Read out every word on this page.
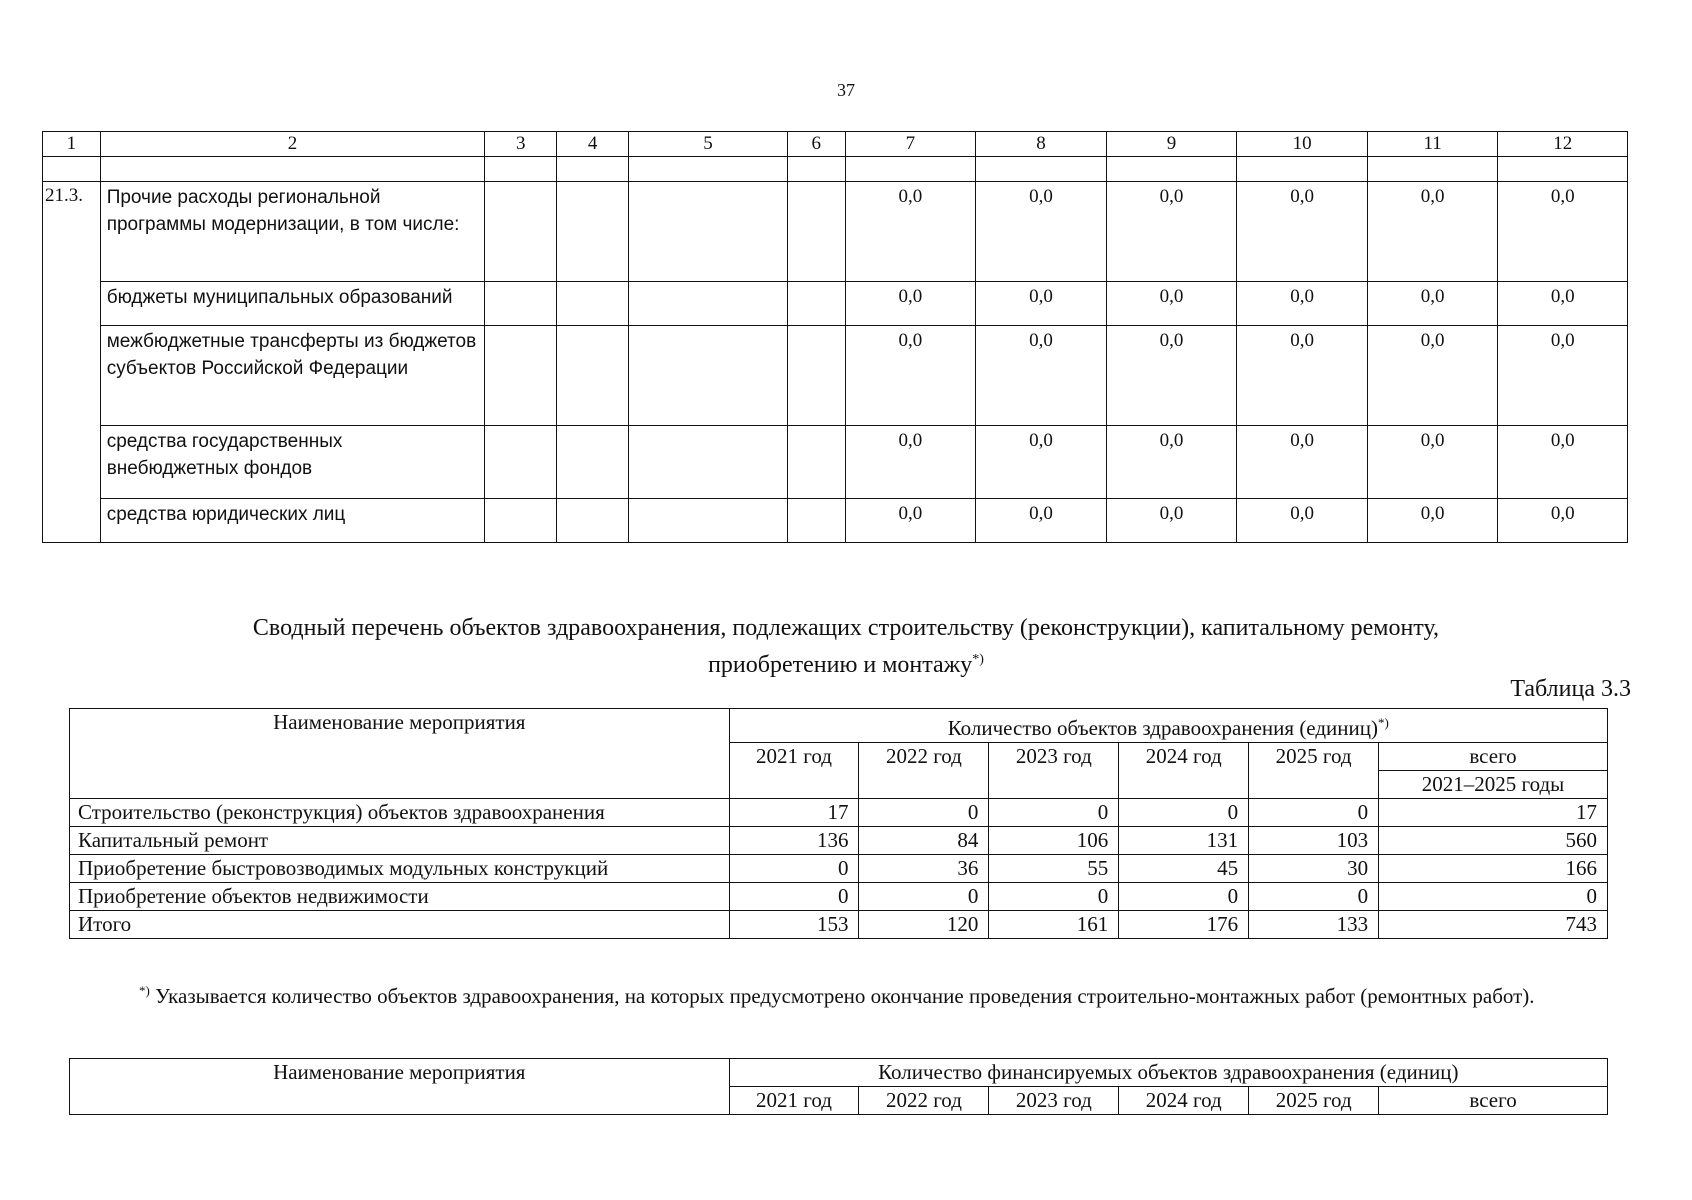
37
1	2	3	4	5	6	7	8	9	10	11	12

21.3.	Прочие расходы региональной программы модернизации, в том числе:					0,0	0,0	0,0	0,0	0,0	0,0
	бюджеты муниципальных образований					0,0	0,0	0,0	0,0	0,0	0,0
	межбюджетные трансферты из бюджетов субъектов Российской Федерации					0,0	0,0	0,0	0,0	0,0	0,0
	средства государственных внебюджетных фондов					0,0	0,0	0,0	0,0	0,0	0,0
	средства юридических лиц					0,0	0,0	0,0	0,0	0,0	0,0
Сводный перечень объектов здравоохранения, подлежащих строительству (реконструкции), капитальному ремонту,
приобретению и монтажу*)
Таблица 3.3
Наименование мероприятия	Количество объектов здравоохранения (единиц)*)
	2021 год	2022 год	2023 год	2024 год	2025 год	всего
						2021–2025 годы
Строительство (реконструкция) объектов здравоохранения	17	0	0	0	0	17
Капитальный ремонт	136	84	106	131	103	560
Приобретение быстровозводимых модульных конструкций	0	36	55	45	30	166
Приобретение объектов недвижимости	0	0	0	0	0	0
Итого	153	120	161	176	133	743
*) Указывается количество объектов здравоохранения, на которых предусмотрено окончание проведения строительно-монтажных работ (ремонтных работ).
Наименование мероприятия	Количество финансируемых объектов здравоохранения (единиц)					
	2021 год	2022 год	2023 год	2024 год	2025 год	всего
